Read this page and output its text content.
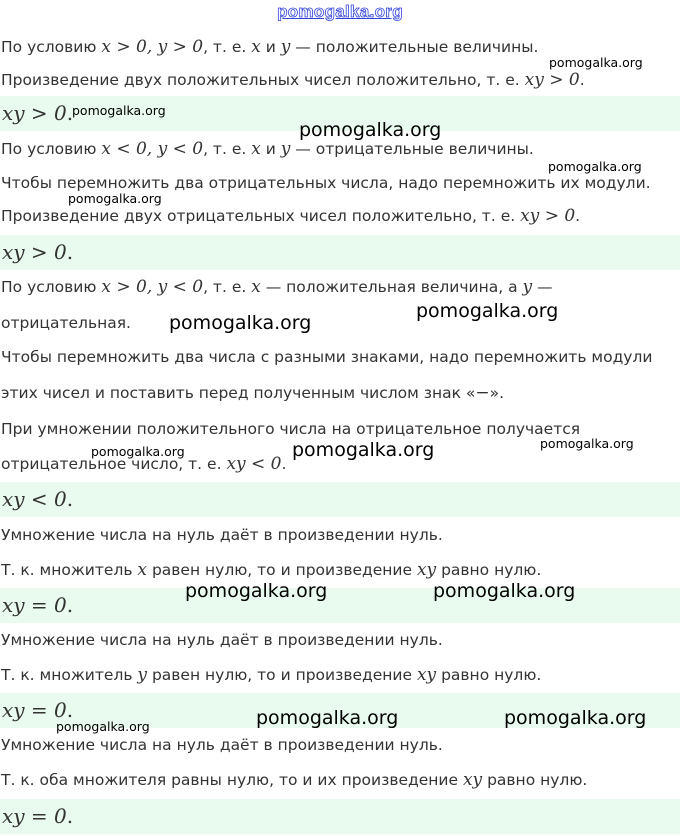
pomogalka.org
По условию x > 0, y > 0, т. е. x и y — положительные величины.
Произведение двух положительных чисел положительно, т. е. xy > 0.
xy > 0.
По условию x < 0, y < 0, т. е. x и y — отрицательные величины.
Чтобы перемножить два отрицательных числа, надо перемножить их модули.
Произведение двух отрицательных чисел положительно, т. е. xy > 0.
xy > 0.
По условию x > 0, y < 0, т. е. x — положительная величина, а y —
отрицательная.
Чтобы перемножить два числа с разными знаками, надо перемножить модули
этих чисел и поставить перед полученным числом знак «−».
При умножении положительного числа на отрицательное получается
отрицательное число, т. е. xy < 0.
xy < 0.
Умножение числа на нуль даёт в произведении нуль.
Т. к. множитель x равен нулю, то и произведение xy равно нулю.
xy = 0.
Умножение числа на нуль даёт в произведении нуль.
Т. к. множитель y равен нулю, то и произведение xy равно нулю.
xy = 0.
Умножение числа на нуль даёт в произведении нуль.
Т. к. оба множителя равны нулю, то и их произведение xy равно нулю.
xy = 0.
pomogalka.org
pomogalka.org
pomogalka.org
pomogalka.org
pomogalka.org
pomogalka.org
pomogalka.org
pomogalka.org	pomogalka.org	pomogalka.org
pomogalka.org	pomogalka.org
pomogalka.org	pomogalka.org	pomogalka.org
